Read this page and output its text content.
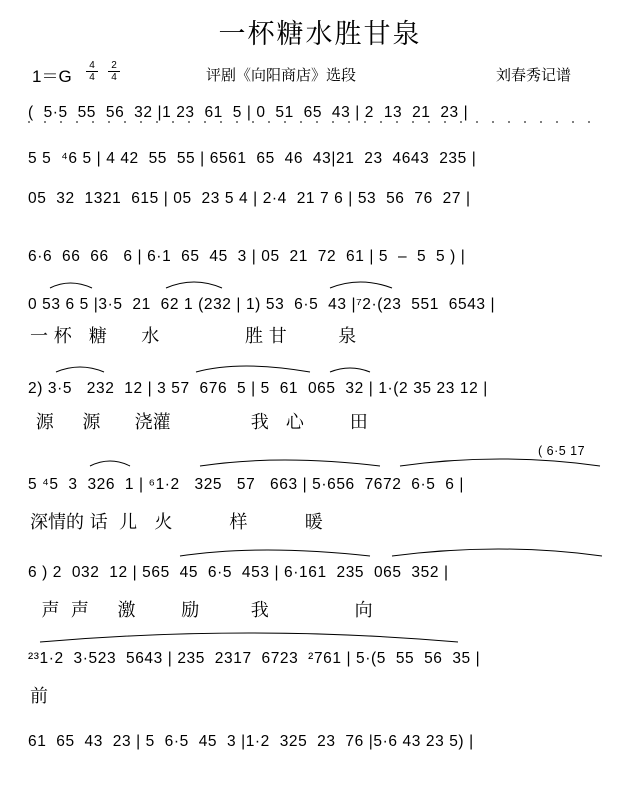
一杯糖水胜甘泉
1＝G
4
4
2
4	评剧《向阳商店》选段	刘春秀记谱
( 6·5 17
(  5·5  55  56  32 |1 23  61  5 | 0  51  65  43 | 2  13  21  23 |
5 5  ⁴6 5 | 4 42  55  55 | 6561  65  46  43|21  23  4643  235 |
05  32  1321  615 | 05  23 5 4 | 2·4  21 7 6 | 53  56  76  27 |
6·6  66  66   6 | 6·1  65  45  3 | 05  21  72  61 | 5  –  5  5 ) |
0 53 6 5 |3·5  21  62 1 (232 | 1) 53  6·5  43 |⁷2·(23  551  6543 |
一 杯   糖      水               胜 甘         泉
2) 3·5   232  12 | 3 57  676  5 | 5  61  065  32 | 1·(2 35 23 12 |
源     源      浇灌              我   心        田
5 ⁴5  3  326  1 | ⁶1·2   325   57   663 | 5·656  7672  6·5  6 |
深情的 话  儿   火          样          暖
6 ) 2  032  12 | 565  45  6·5  453 | 6·161  235  065  352 |
声  声     激        励         我               向
²³1·2  3·523  5643 | 235  2317  6723  ²761 | 5·(5  55  56  35 |
前
61  65  43  23 | 5  6·5  45  3 |1·2  325  23  76 |5·6 43 23 5) |
